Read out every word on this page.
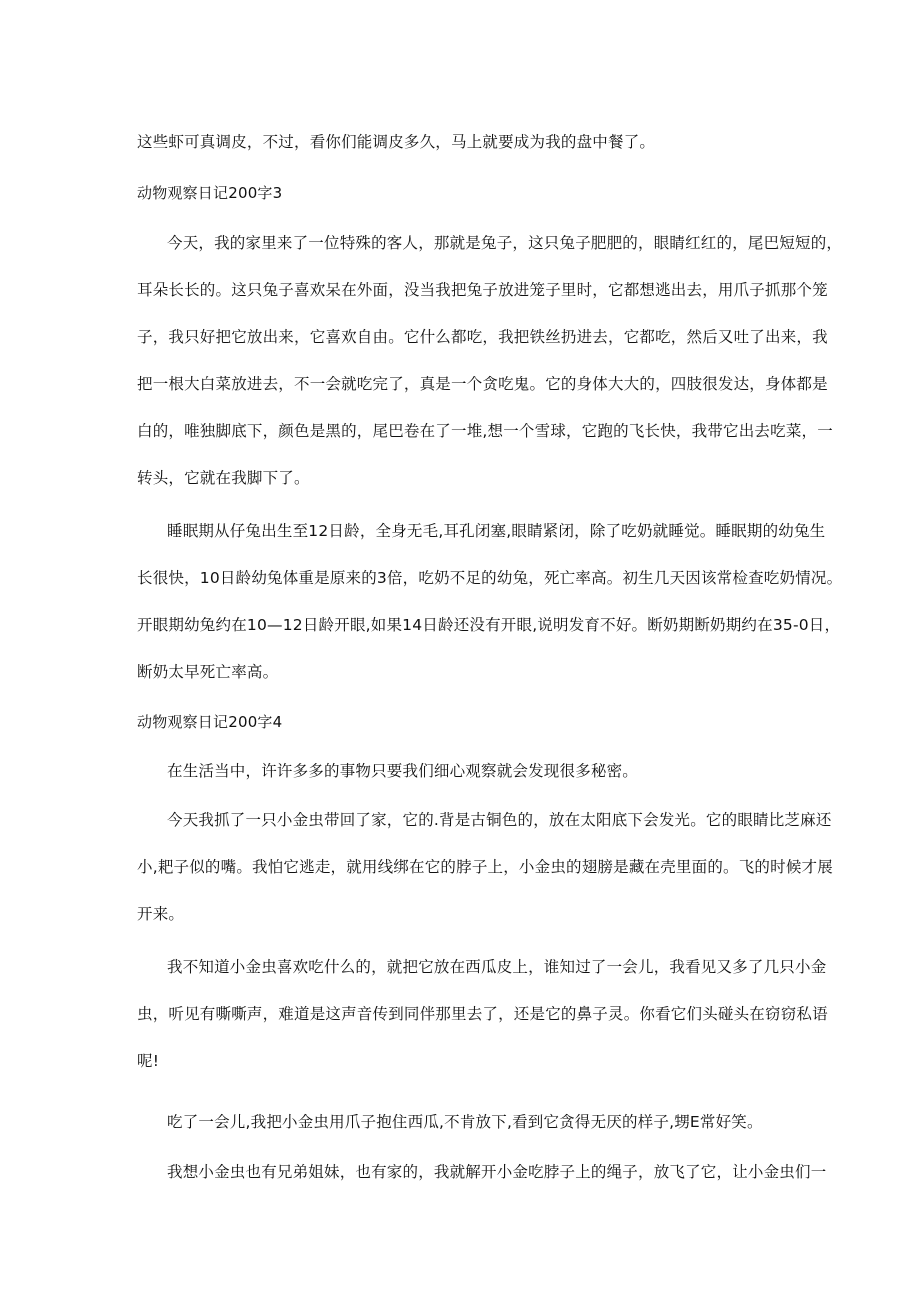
这些虾可真调皮，不过，看你们能调皮多久，马上就要成为我的盘中餐了。
动物观察日记200字3
今天，我的家里来了一位特殊的客人，那就是兔子，这只兔子肥肥的，眼睛红红的，尾巴短短的，
耳朵长长的。这只兔子喜欢呆在外面，没当我把兔子放进笼子里时，它都想逃出去，用爪子抓那个笼
子，我只好把它放出来，它喜欢自由。它什么都吃，我把铁丝扔进去，它都吃，然后又吐了出来，我
把一根大白菜放进去，不一会就吃完了，真是一个贪吃鬼。它的身体大大的，四肢很发达，身体都是
白的，唯独脚底下，颜色是黑的，尾巴卷在了一堆,想一个雪球，它跑的飞长快，我带它出去吃菜，一
转头，它就在我脚下了。
睡眠期从仔兔出生至12日龄，全身无毛,耳孔闭塞,眼睛紧闭，除了吃奶就睡觉。睡眠期的幼兔生
长很快，10日龄幼兔体重是原来的3倍，吃奶不足的幼兔，死亡率高。初生几天因该常检查吃奶情况。
开眼期幼兔约在10—12日龄开眼,如果14日龄还没有开眼,说明发育不好。断奶期断奶期约在35-0日，
断奶太早死亡率高。
动物观察日记200字4
在生活当中，许许多多的事物只要我们细心观察就会发现很多秘密。
今天我抓了一只小金虫带回了家，它的.背是古铜色的，放在太阳底下会发光。它的眼睛比芝麻还
小,耙子似的嘴。我怕它逃走，就用线绑在它的脖子上，小金虫的翅膀是藏在壳里面的。飞的时候才展
开来。
我不知道小金虫喜欢吃什么的，就把它放在西瓜皮上，谁知过了一会儿，我看见又多了几只小金
虫，听见有嘶嘶声，难道是这声音传到同伴那里去了，还是它的鼻子灵。你看它们头碰头在窃窃私语
呢!
吃了一会儿,我把小金虫用爪子抱住西瓜,不肯放下,看到它贪得无厌的样子,甥E常好笑。
我想小金虫也有兄弟姐妹，也有家的，我就解开小金吃脖子上的绳子，放飞了它，让小金虫们一
